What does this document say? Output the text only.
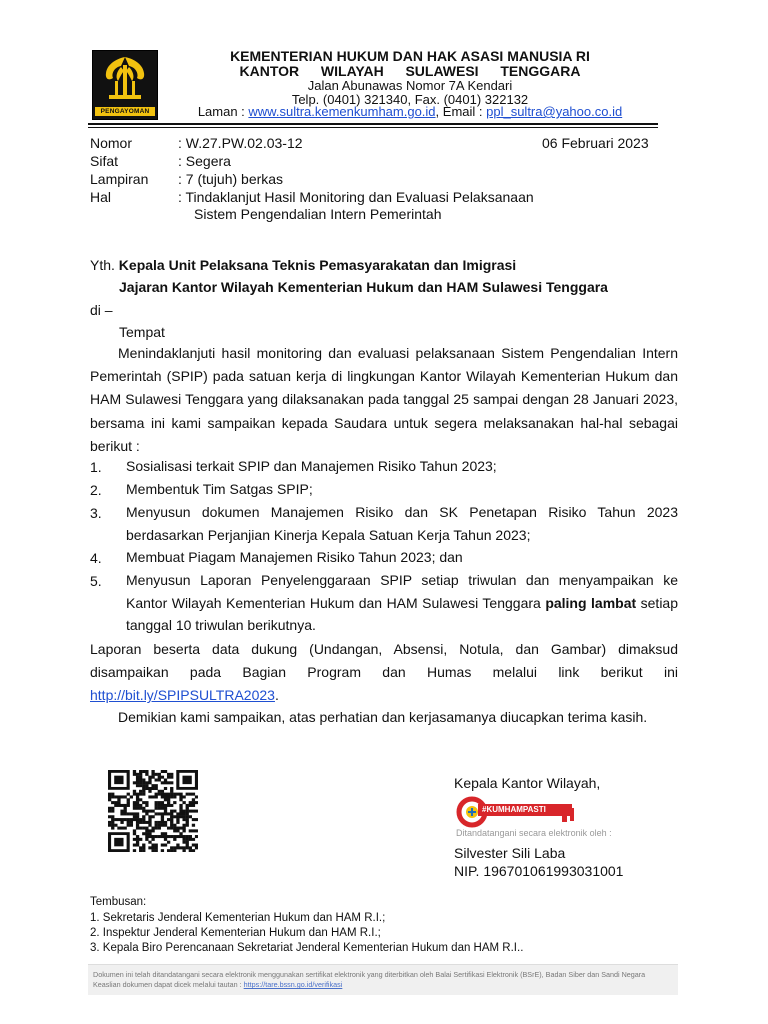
PENGAYOMAN
KEMENTERIAN HUKUM DAN HAK ASASI MANUSIA RI
KANTOR  WILAYAH  SULAWESI  TENGGARA
Jalan Abunawas Nomor 7A Kendari
Telp. (0401) 321340, Fax. (0401) 322132
Laman : www.sultra.kemenkumham.go.id, Email : ppl_sultra@yahoo.co.id
Nomor	: W.27.PW.02.03-12	06 Februari 2023
Sifat	: Segera
Lampiran : 7 (tujuh) berkas
Hal	: Tindaklanjut Hasil Monitoring dan Evaluasi Pelaksanaan
Sistem Pengendalian Intern Pemerintah
Yth. Kepala Unit Pelaksana Teknis Pemasyarakatan dan Imigrasi
Jajaran Kantor Wilayah Kementerian Hukum dan HAM Sulawesi Tenggara
di –
Tempat
Menindaklanjuti hasil monitoring dan evaluasi pelaksanaan Sistem Pengendalian Intern Pemerintah (SPIP) pada satuan kerja di lingkungan Kantor Wilayah Kementerian Hukum dan HAM Sulawesi Tenggara yang dilaksanakan pada tanggal 25 sampai dengan 28 Januari 2023, bersama ini kami sampaikan kepada Saudara untuk segera melaksanakan hal-hal sebagai berikut :
1. Sosialisasi terkait SPIP dan Manajemen Risiko Tahun 2023;
2. Membentuk Tim Satgas SPIP;
3. Menyusun dokumen Manajemen Risiko dan SK Penetapan Risiko Tahun 2023 berdasarkan Perjanjian Kinerja Kepala Satuan Kerja Tahun 2023;
4. Membuat Piagam Manajemen Risiko Tahun 2023; dan
5. Menyusun Laporan Penyelenggaraan SPIP setiap triwulan dan menyampaikan ke Kantor Wilayah Kementerian Hukum dan HAM Sulawesi Tenggara paling lambat setiap tanggal 10 triwulan berikutnya.
Laporan beserta data dukung (Undangan, Absensi, Notula, dan Gambar) dimaksud disampaikan pada Bagian Program dan Humas melalui link berikut ini http://bit.ly/SPIPSULTRA2023.
Demikian kami sampaikan, atas perhatian dan kerjasamanya diucapkan terima kasih.
Kepala Kantor Wilayah,
#KUMHAMPASTI
Ditandatangani secara elektronik oleh :
Silvester Sili Laba
NIP. 196701061993031001
Tembusan:
1. Sekretaris Jenderal Kementerian Hukum dan HAM R.I.;
2. Inspektur Jenderal Kementerian Hukum dan HAM R.I.;
3. Kepala Biro Perencanaan Sekretariat Jenderal Kementerian Hukum dan HAM R.I..
Dokumen ini telah ditandatangani secara elektronik menggunakan sertifikat elektronik yang diterbitkan oleh Balai Sertifikasi Elektronik (BSrE), Badan Siber dan Sandi Negara
Keaslian dokumen dapat dicek melalui tautan : https://tare.bssn.go.id/verifikasi
